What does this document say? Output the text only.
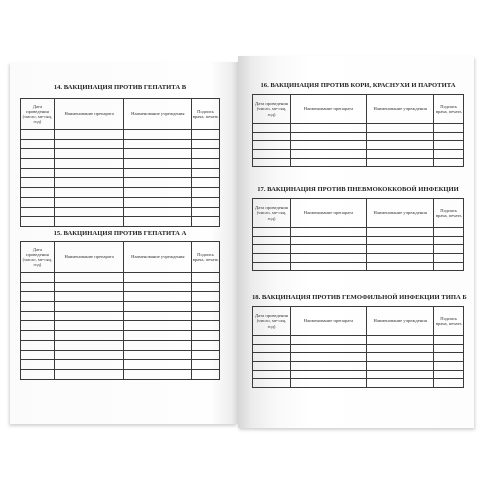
14. ВАКЦИНАЦИЯ ПРОТИВ ГЕПАТИТА В
Дата проведения (число, ме-сяц, год)	Наименование препарата	Наименование учреждения	Подпись врача, печать

15. ВАКЦИНАЦИЯ ПРОТИВ ГЕПАТИТА А
Дата проведения (число, ме-сяц, год)	Наименование препарата	Наименование учреждения	Подпись врача, печать

16. ВАКЦИНАЦИЯ ПРОТИВ КОРИ, КРАСНУХИ И ПАРОТИТА
Дата проведения (число, ме-сяц, год)	Наименование препарата	Наименование учреждения	Подпись врача, печать

17. ВАКЦИНАЦИЯ ПРОТИВ ПНЕВМОКОККОВОЙ ИНФЕКЦИИ
Дата проведения (число, ме-сяц, год)	Наименование препарата	Наименование учреждения	Подпись врача, печать

18. ВАКЦИНАЦИЯ ПРОТИВ ГЕМОФИЛЬНОЙ ИНФЕКЦИИ ТИПА Б
Дата проведения (число, ме-сяц, год)	Наименование препарата	Наименование учреждения	Подпись врача, печать
